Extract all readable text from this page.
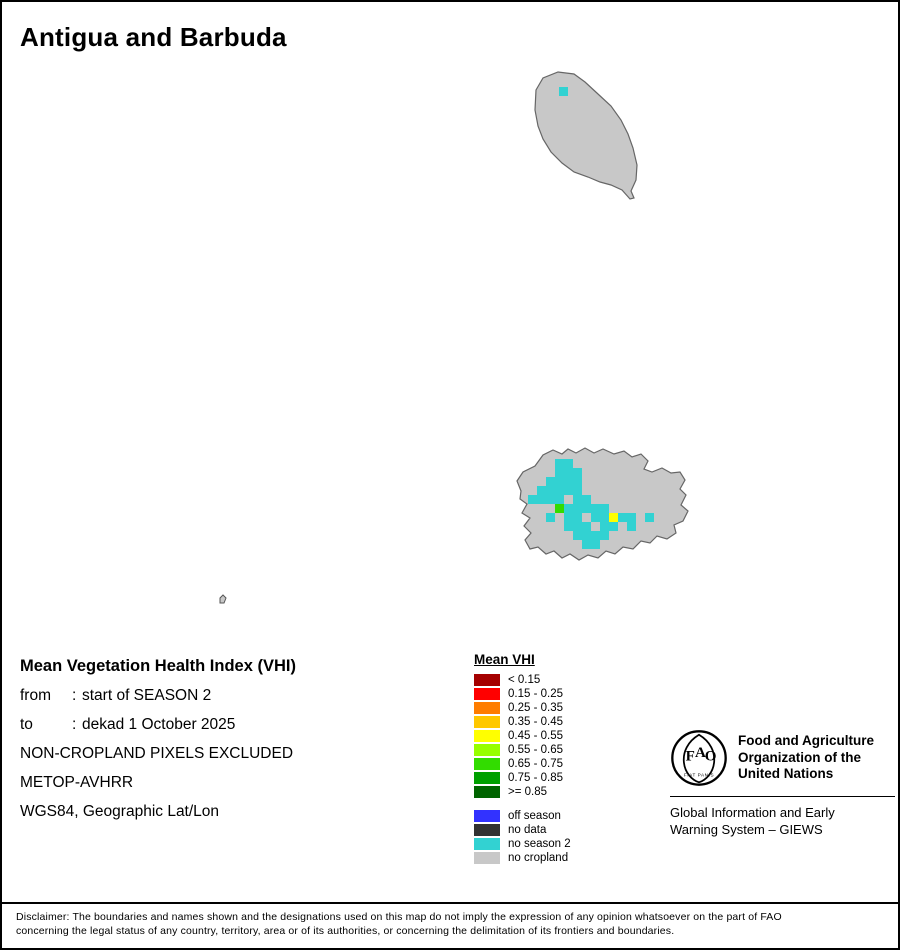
Antigua and Barbuda
Mean Vegetation Health Index (VHI)
from : start of SEASON 2
to	: dekad 1 October 2025
NON-CROPLAND PIXELS EXCLUDED
METOP-AVHRR
WGS84, Geographic Lat/Lon
Mean VHI
< 0.15
0.15 - 0.25
0.25 - 0.35
0.35 - 0.45
0.45 - 0.55
0.55 - 0.65
0.65 - 0.75
0.75 - 0.85
>= 0.85
off season
no data
no season 2
no cropland
F A
O
FIAT PANIS
Food and Agriculture
Organization of the
United Nations
Global Information and Early
Warning System – GIEWS

Disclaimer: The boundaries and names shown and the designations used on this map do not imply the expression of any opinion whatsoever on the part of FAO

concerning the legal status of any country, territory, area or of its authorities, or concerning the delimitation of its frontiers and boundaries.
